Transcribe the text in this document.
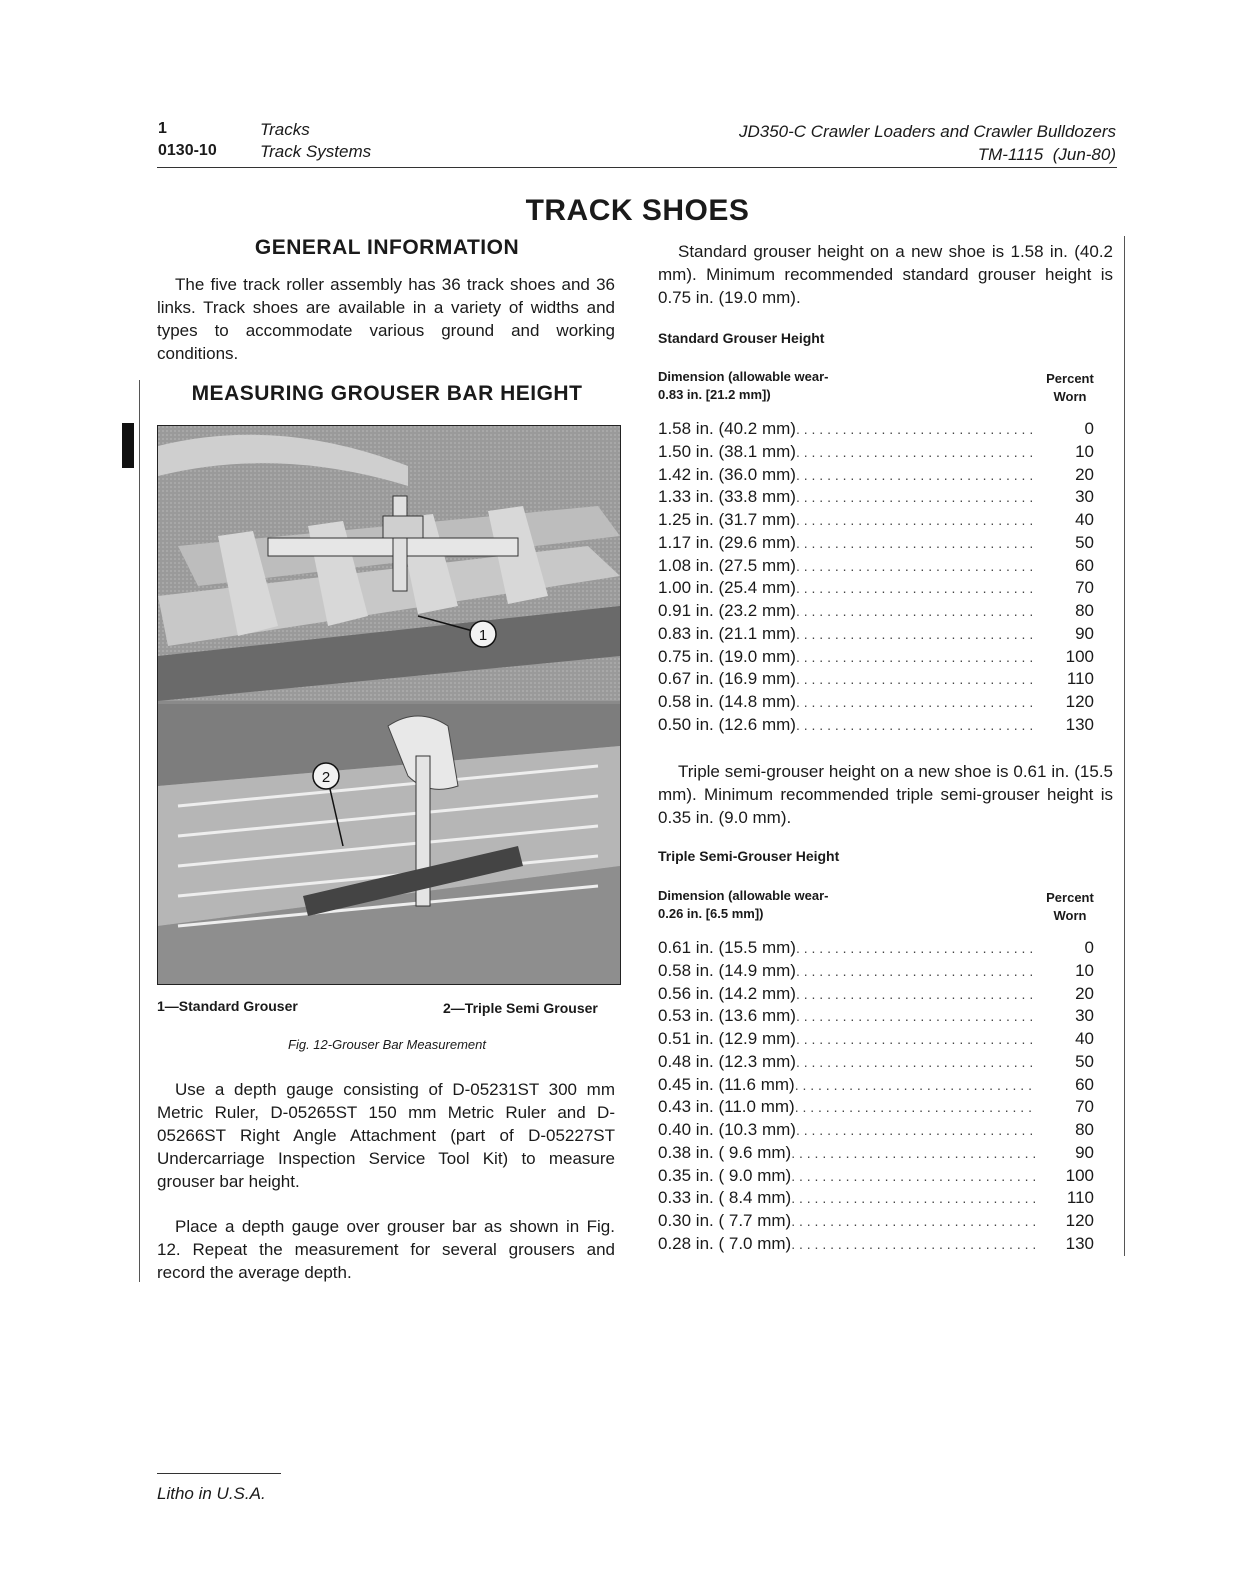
1
0130-10
Tracks
Track Systems
JD350-C Crawler Loaders and Crawler Bulldozers
TM-1115  (Jun-80)
TRACK SHOES
GENERAL INFORMATION
The five track roller assembly has 36 track shoes and 36 links. Track shoes are available in a variety of widths and types to accommodate various ground and working conditions.
MEASURING GROUSER BAR HEIGHT
1
2
1—Standard Grouser	2—Triple Semi Grouser
Fig. 12-Grouser Bar Measurement
Use a depth gauge consisting of D-05231ST 300 mm Metric Ruler, D-05265ST 150 mm Metric Ruler and D-05266ST Right Angle Attachment (part of D-05227ST Undercarriage Inspection Service Tool Kit) to measure grouser bar height.
Place a depth gauge over grouser bar as shown in Fig. 12. Repeat the measurement for several grousers and record the average depth.
Standard grouser height on a new shoe is 1.58 in. (40.2 mm). Minimum recommended standard grouser height is 0.75 in. (19.0 mm).
Standard Grouser Height
Dimension (allowable wear-
0.83 in. [21.2 mm])
Percent
Worn
1.58 in. (40.2 mm) . . .	0
1.50 in. (38.1 mm) . . .	10
1.42 in. (36.0 mm) . . .	20
1.33 in. (33.8 mm) . . .	30
1.25 in. (31.7 mm) . . .	40
1.17 in. (29.6 mm) . . .	50
1.08 in. (27.5 mm) . . .	60
1.00 in. (25.4 mm) . . .	70
0.91 in. (23.2 mm) . . .	80
0.83 in. (21.1 mm) . . .	90
0.75 in. (19.0 mm) . . .	100
0.67 in. (16.9 mm) . . .	110
0.58 in. (14.8 mm) . . .	120
0.50 in. (12.6 mm) . . .	130
Triple semi-grouser height on a new shoe is 0.61 in. (15.5 mm). Minimum recommended triple semi-grouser height is 0.35 in. (9.0 mm).
Triple Semi-Grouser Height
Dimension (allowable wear-
0.26 in. [6.5 mm])
Percent
Worn
0.61 in. (15.5 mm) . . .	0
0.58 in. (14.9 mm) . . .	10
0.56 in. (14.2 mm) . . .	20
0.53 in. (13.6 mm) . . .	30
0.51 in. (12.9 mm) . . .	40
0.48 in. (12.3 mm) . . .	50
0.45 in. (11.6 mm) . . .	60
0.43 in. (11.0 mm) . . .	70
0.40 in. (10.3 mm) . . .	80
0.38 in. ( 9.6 mm) . . .	90
0.35 in. ( 9.0 mm) . . .	100
0.33 in. ( 8.4 mm) . . .	110
0.30 in. ( 7.7 mm) . . .	120
0.28 in. ( 7.0 mm) . . .	130
Litho in U.S.A.
